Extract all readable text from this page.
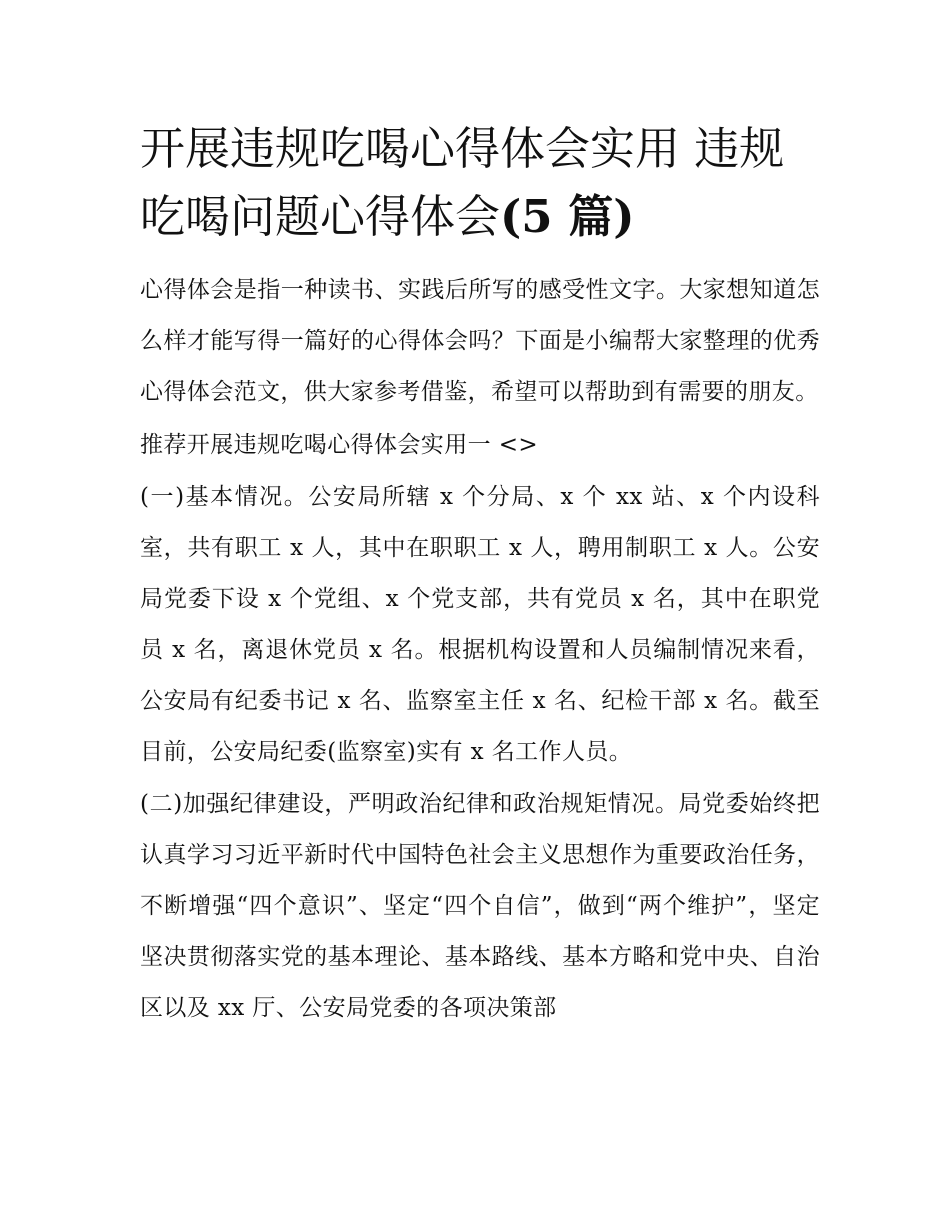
开展违规吃喝心得体会实用 违规吃喝问题心得体会(5 篇)

心得体会是指一种读书、实践后所写的感受性文字。大家想知道怎么样才能写得一篇好的心得体会吗？下面是小编帮大家整理的优秀心得体会范文，供大家参考借鉴，希望可以帮助到有需要的朋友。

推荐开展违规吃喝心得体会实用一 <>

(一)基本情况。公安局所辖 x 个分局、x 个 xx 站、x 个内设科室，共有职工 x 人，其中在职职工 x 人，聘用制职工 x 人。公安局党委下设 x 个党组、x 个党支部，共有党员 x 名，其中在职党员 x 名，离退休党员 x 名。根据机构设置和人员编制情况来看，公安局有纪委书记 x 名、监察室主任 x 名、纪检干部 x 名。截至目前，公安局纪委(监察室)实有 x 名工作人员。

(二)加强纪律建设，严明政治纪律和政治规矩情况。局党委始终把认真学习习近平新时代中国特色社会主义思想作为重要政治任务，不断增强“四个意识”、坚定“四个自信”，做到“两个维护”，坚定坚决贯彻落实党的基本理论、基本路线、基本方略和党中央、自治区以及 xx 厅、公安局党委的各项决策部
